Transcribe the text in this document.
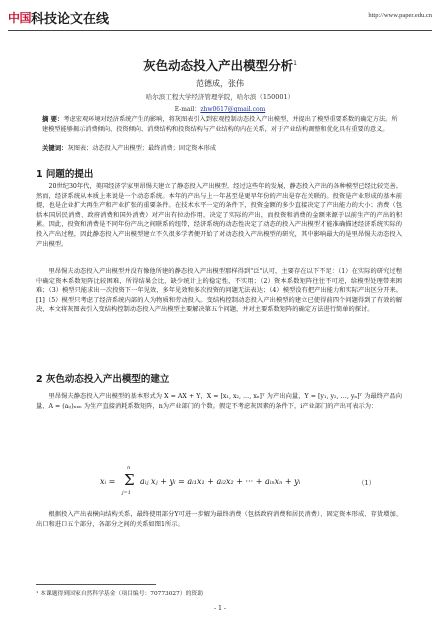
中国 科技论文在线	http://www.paper.edu.cn
灰色动态投入产出模型分析$^1$
范德成，张伟
哈尔滨工程大学经济管理学院，哈尔滨（150001）
E-mail：zhw0617@gmail.com
摘 要：考虑宏观环境对经济系统产生的影响，将灰图表引入到宏观控制动态投入产出模型，并提出了模型重要系数的确定方法。所建模型能够揭示消费倾向、投资倾向、消费结构和投资结构与产业结构的内在关系，对于产业结构调整和优化具有重要的意义。
关键词：灰图表；动态投入产出模型；最终消费；固定资本形成
1 问题的提出
20世纪30年代，美国经济学家里昂惕夫建立了静态投入产出模型，经过这些年的发展，静态投入产出的各种模型已经比较完善。然而，经济系统从本质上来说是一个动态系统。本年的产出与上一年甚至是更早年份的产出是存在关联的。投资是产业形成的基本前提，也是企业扩大再生产和产业扩张的重要条件。在技术水平一定的条件下，投资金额的多少直接决定了产出能力的大小；消费（包括本国居民消费、政府消费和国外消费）对产出有拉动作用，决定了实际的产出，而投资和消费的金额来源于以前生产的产出的积累。因此，投资和消费是不同年份产出之间联系的纽带，经济系统的动态性决定了动态的投入产出模型才能准确描述经济系统实际的投入产出过程，因此静态投入产出模型建立不久很多学者便开始了对动态投入产出模型的研究，其中影响最大的是里昂惕夫动态投入产出模型。
里昂惕夫动态投入产出模型并没有像他所建的静态投入产出模型那样得到"泛"认可，主要存在以下不足：（1）在实际的研究过程中确定资本系数矩阵比较困难，所得结果会比，缺少统计上的稳定性，不实用；（2）资本系数矩阵往往不可逆，给模型处理带来困难；（3）模型只能求出一次投资下一年见效，多年见效和多次投资的问题无法表达；（4）模型没有把产出能力和实际产出区分开来。[1]（5）模型只考虑了经济系统内部的人为物质和劳动投入。变结构控制动态投入产出模型的建立已使得前四个问题得到了有效的解决，本文将灰图表引入变结构控制动态投入产出模型主要解决第五个问题，并对主要系数矩阵的确定方法进行简单的探讨。
2 灰色动态投入产出模型的建立
里昂惕夫静态投入产出模型的基本形式为 X = AX + Y，X = [x₁, x₂, …, xₙ]ᵀ 为产出向量，Y = [y₁, y₂, …, yₙ]ᵀ 为最终产品向量，A = (aᵢⱼ)ₙₓₙ 为生产直接消耗系数矩阵，n为产业部门的个数。假定不考虑灰因素的条件下，i产业部门的产出可表示为：
xᵢ =
n
Σ
j=1
aᵢⱼ xⱼ + yᵢ = aᵢ₁x₁ + aᵢ₂x₂ + ··· + aᵢₙxₙ + yᵢ	（1）
根据投入产出表横向结构关系，最终使用部分Y可进一步解为最终消费（包括政府消费和居民消费）、固定资本形成、存货增加、出口和进口五个部分，各部分之间的关系如图1所示。
¹ 本课题得到国家自然科学基金（项目编号：70773027）的资助
- 1 -
